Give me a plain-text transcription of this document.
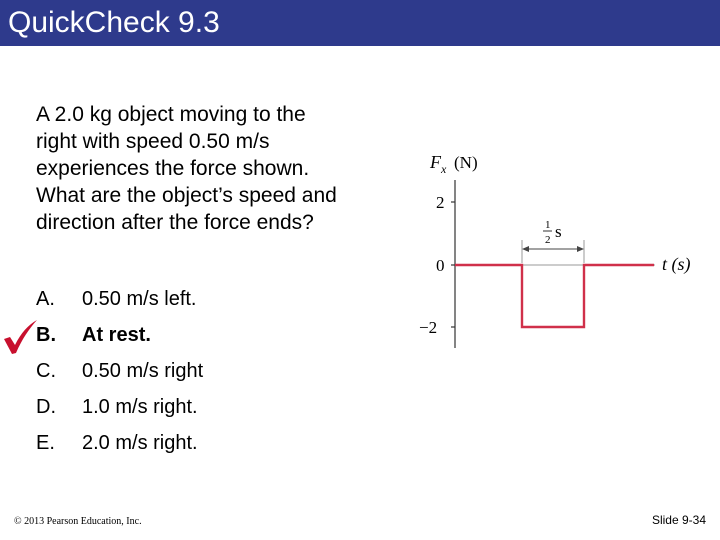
QuickCheck 9.3
A 2.0 kg object moving to the
right with speed 0.50 m/s
experiences the force shown.
What are the object’s speed and
direction after the force ends?
A. 0.50 m/s left.
B. At rest.
C. 0.50 m/s right
D. 1.0 m/s right.
E. 2.0 m/s right.
F x (N)
2
0
−2
1
2 s
t (s)
© 2013 Pearson Education, Inc.	Slide 9-34
